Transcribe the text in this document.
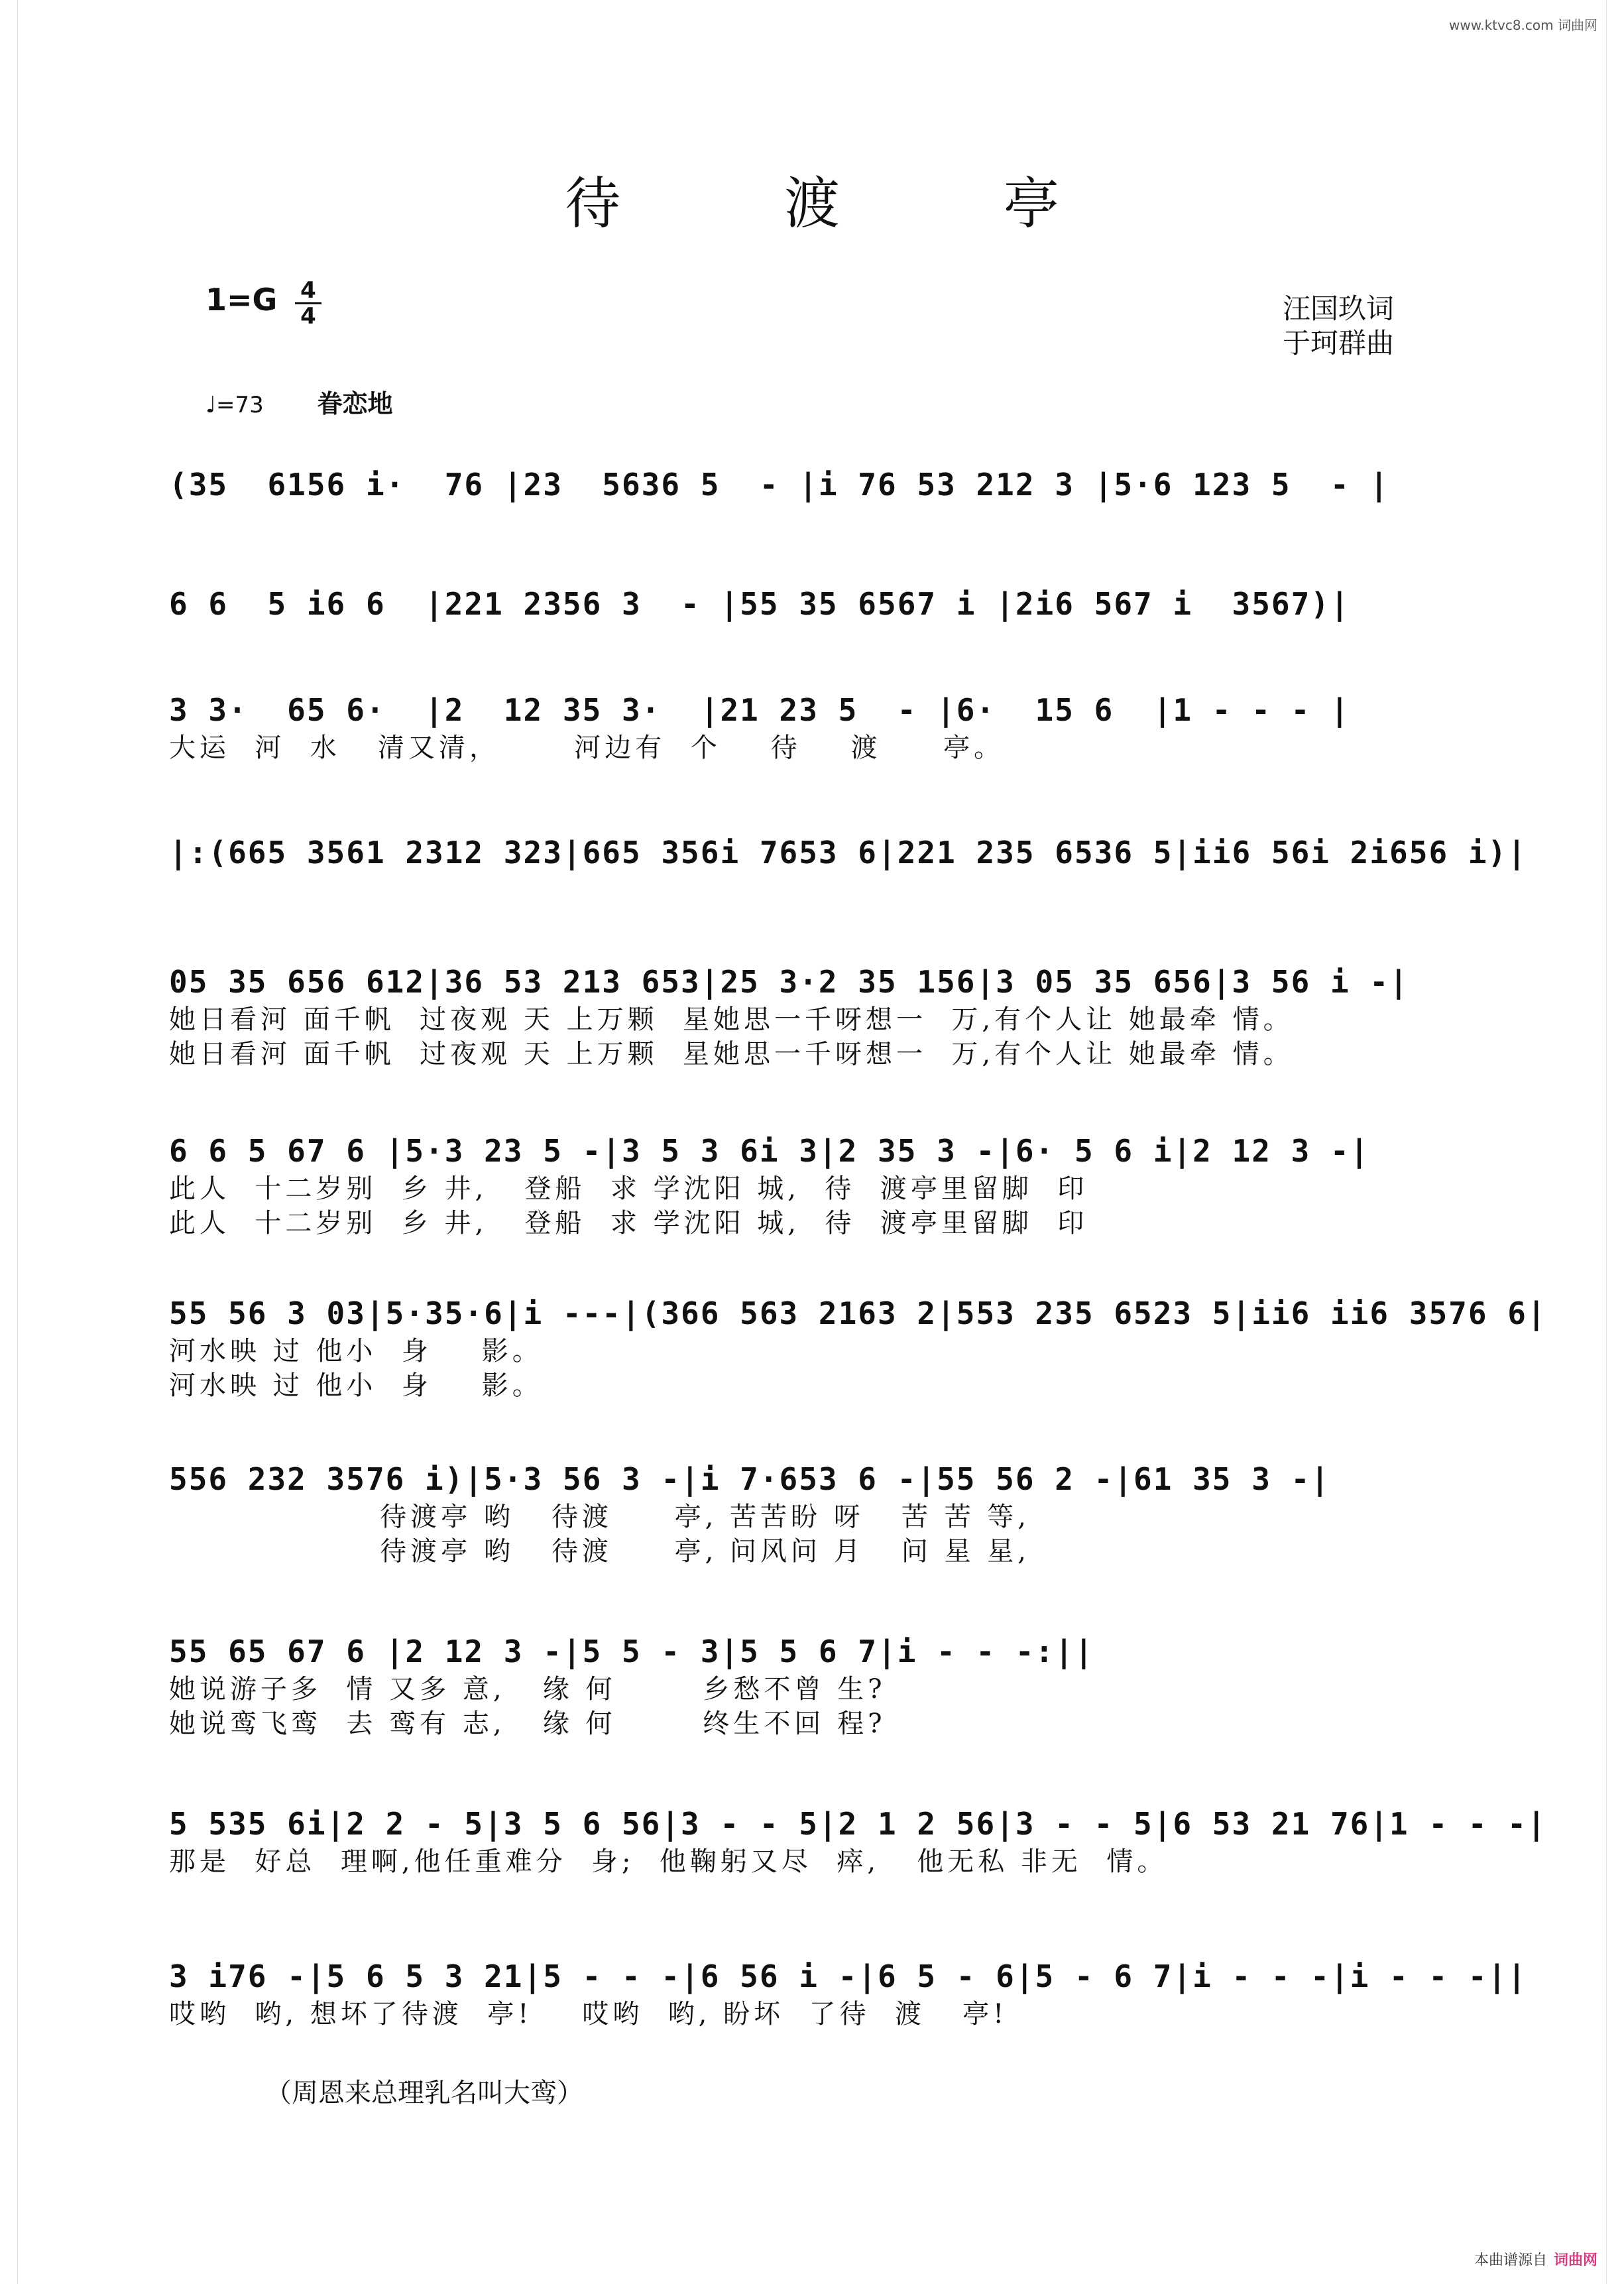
www.ktvc8.com 词曲网
待 渡 亭
1=G 4
4	汪国玖词
于珂群曲
♩=73 眷恋地
(35  6156 i·  76 |23  5636 5  - |i 76 53 212 3 |5·6 123 5  - |
6 6  5 i6 6  |221 2356 3  - |55 35 6567 i |2i6 567 i  3567)|
3 3·  65 6·  |2  12 35 3·  |21 23 5  - |6·  15 6  |1 - - - |
大运  河  水   清又清，      河边有  个    待    渡     亭。
|:(665 3561 2312 323|665 356i 7653 6|221 235 6536 5|ii6 56i 2i656 i)|
05 35 656 612|36 53 213 653|25 3·2 35 156|3 05 35 656|3 56 i -|
她日看河 面千帆  过夜观 天 上万颗  星她思一千呀想一  万,有个人让 她最牵 情。
她日看河 面千帆  过夜观 天 上万颗  星她思一千呀想一  万,有个人让 她最牵 情。
6 6 5 67 6 |5·3 23 5 -|3 5 3 6i 3|2 35 3 -|6· 5 6 i|2 12 3 -|
此人  十二岁别  乡 井,   登船  求 学沈阳 城,  待  渡亭里留脚  印
此人  十二岁别  乡 井,   登船  求 学沈阳 城,  待  渡亭里留脚  印
55 56 3 03|5·35·6|i ---|(366 563 2163 2|553 235 6523 5|ii6 ii6 3576 6|
河水映 过 他小  身    影。
河水映 过 他小  身    影。
556 232 3576 i)|5·3 56 3 -|i 7·653 6 -|55 56 2 -|61 35 3 -|
待渡亭 哟   待渡     亭, 苦苦盼 呀   苦 苦 等,
待渡亭 哟   待渡     亭, 问风问 月   问 星 星,
55 65 67 6 |2 12 3 -|5 5 - 3|5 5 6 7|i - - -:||
她说游子多  情 又多 意,   缘 何       乡愁不曾 生?
她说鸾飞鸾  去 鸾有 志,   缘 何       终生不回 程?
5 535 6i|2 2 - 5|3 5 6 56|3 - - 5|2 1 2 56|3 - - 5|6 53 21 76|1 - - -|
那是  好总  理啊,他任重难分  身;  他鞠躬又尽  瘁,   他无私 非无  情。
3 i76 -|5 6 5 3 21|5 - - -|6 56 i -|6 5 - 6|5 - 6 7|i - - -|i - - -||
哎哟  哟, 想坏了待渡  亭!    哎哟  哟, 盼坏  了待  渡   亭!
（周恩来总理乳名叫大鸾）
本曲谱源自 词曲网
